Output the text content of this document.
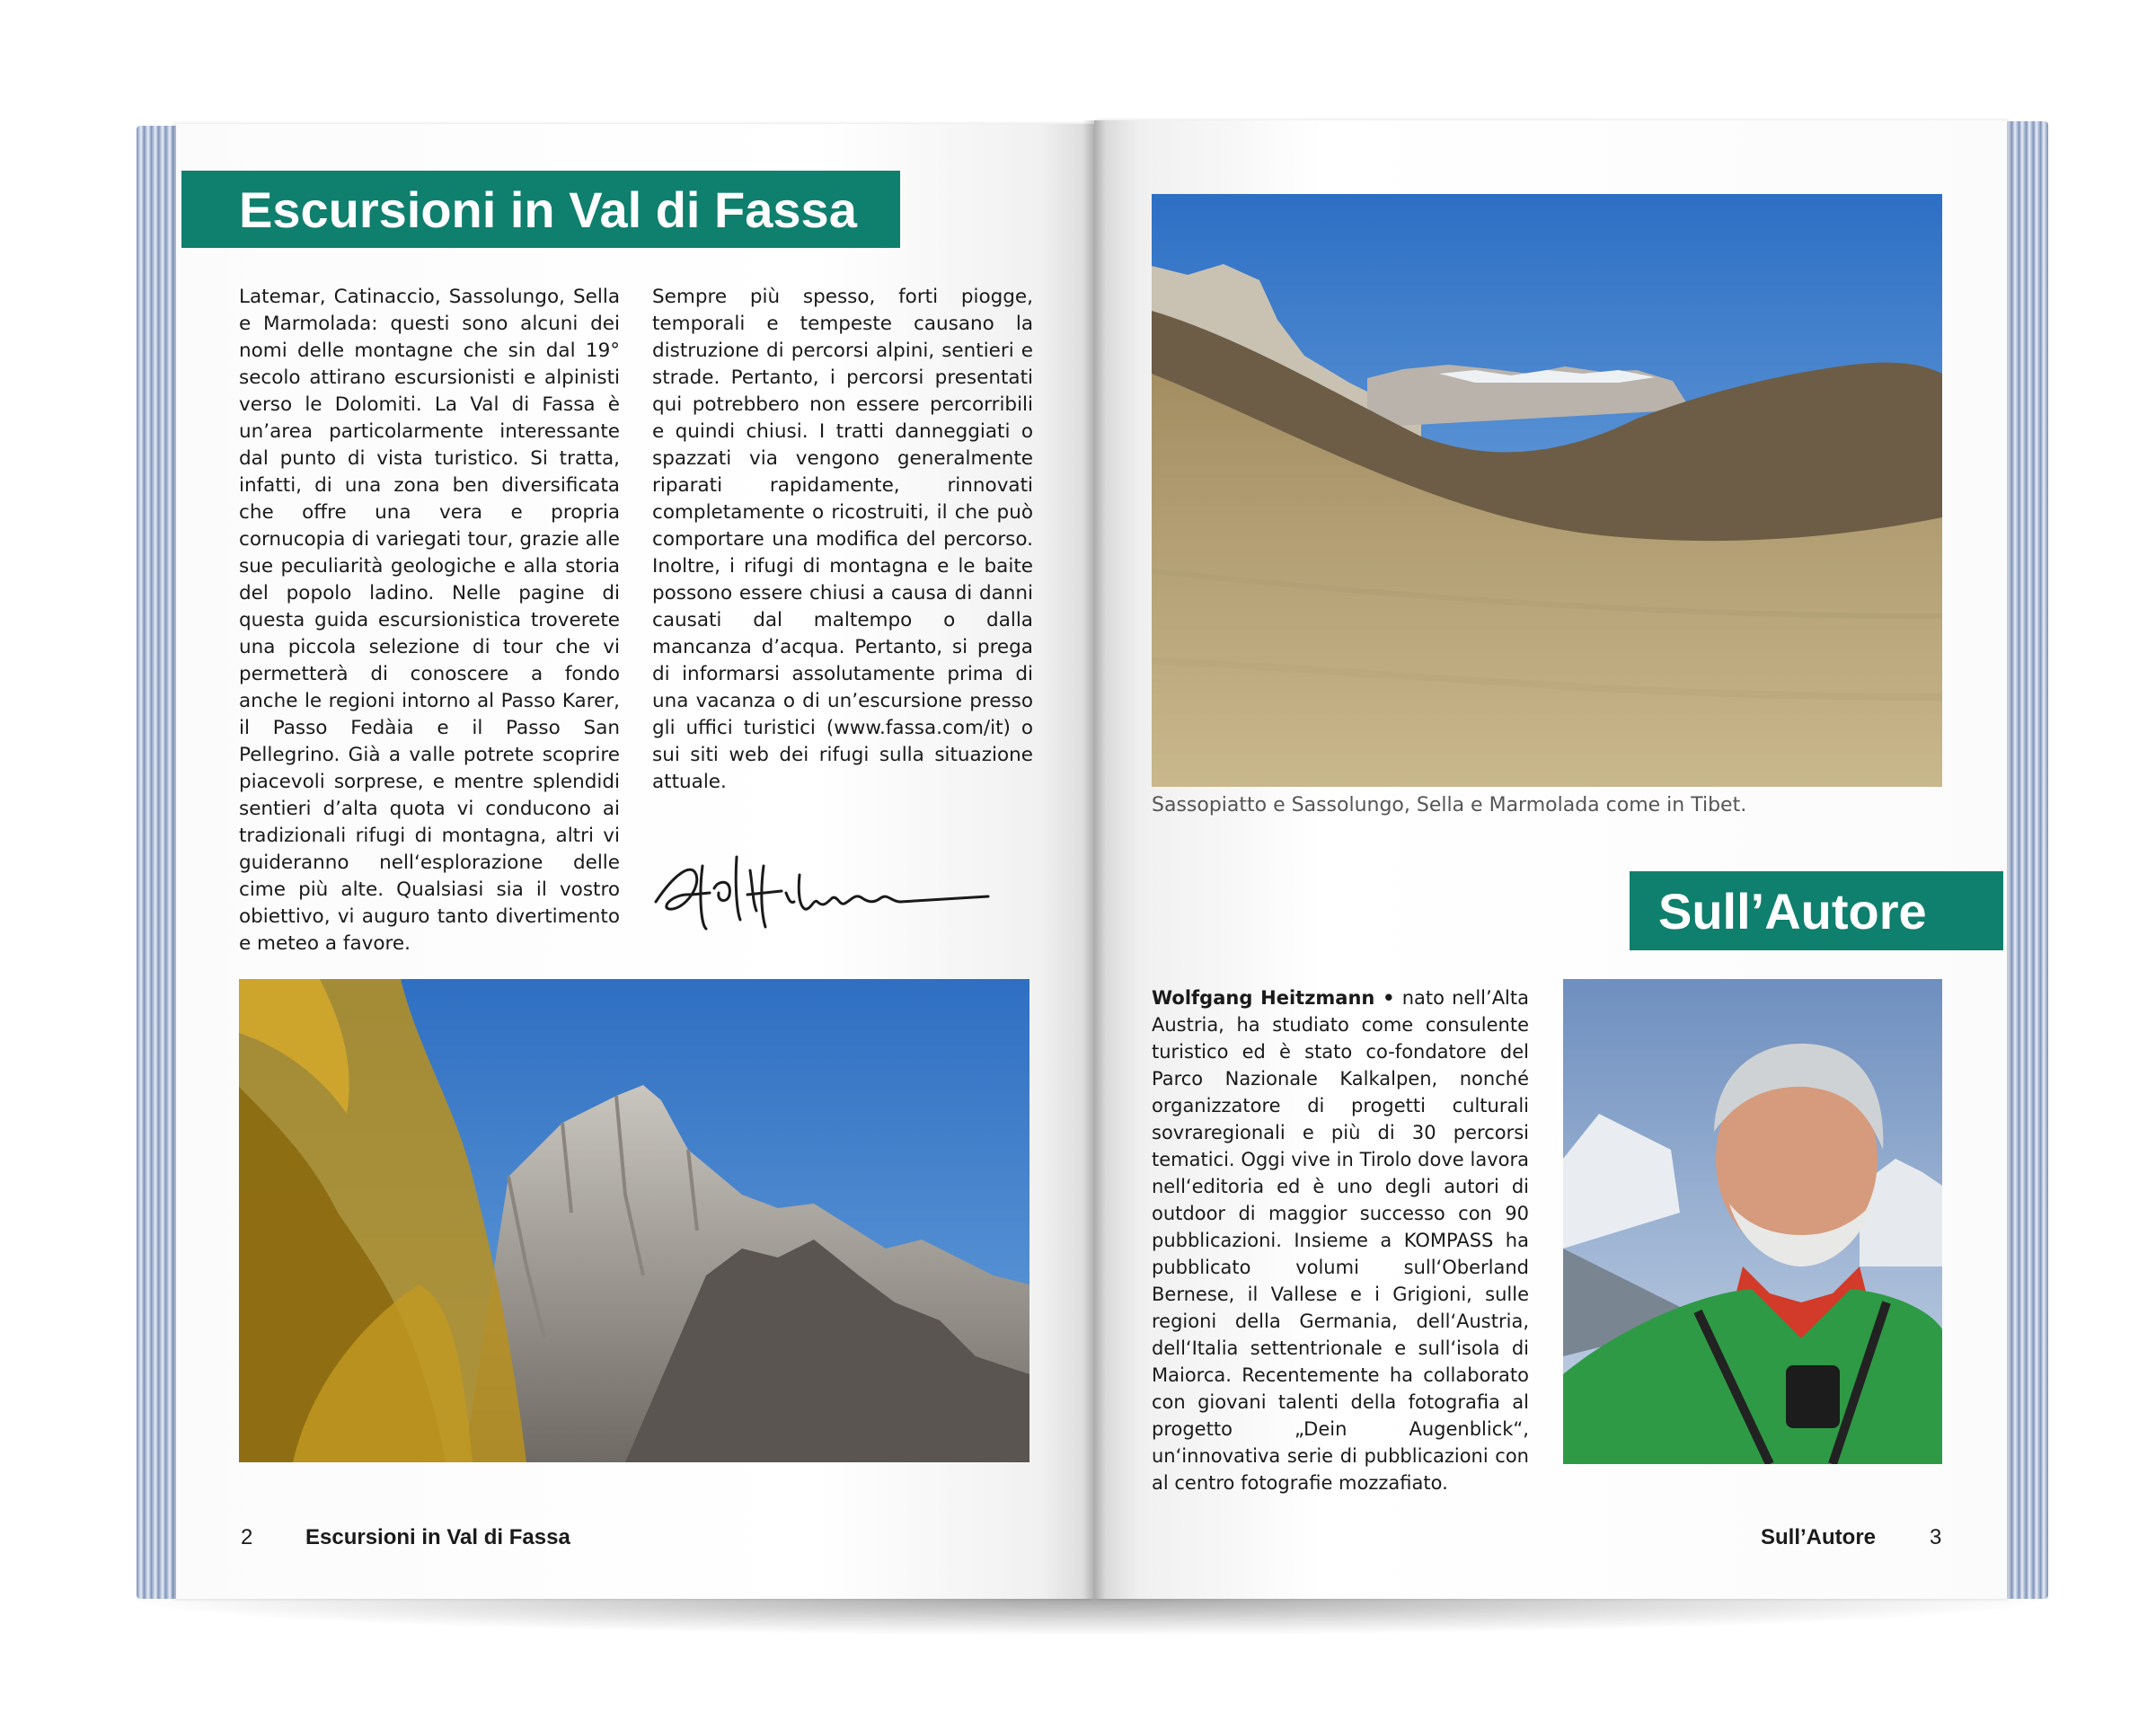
Escursioni in Val di Fassa

Latemar, Catinaccio, Sassolungo, Sella e Marmolada: questi sono alcuni dei nomi delle montagne che sin dal 19° secolo attirano escursionisti e alpinisti verso le Dolomiti. La Val di Fassa è un’area particolarmente interessante dal punto di vista turistico. Si tratta, infatti, di una zona ben diversificata che offre una vera e propria cornucopia di variegati tour, grazie alle sue peculiarità geologiche e alla storia del popolo ladino. Nelle pagine di questa guida escursionistica troverete una piccola selezione di tour che vi permetterà di conoscere a fondo anche le regioni intorno al Passo Karer, il Passo Fedàia e il Passo San Pellegrino. Già a valle potrete scoprire piacevoli sorprese, e mentre splendidi sentieri d’alta quota vi conducono ai tradizionali rifugi di montagna, altri vi guideranno nell‘esplorazione delle cime più alte. Qualsiasi sia il vostro obiettivo, vi auguro tanto divertimento e meteo a favore.

Sempre più spesso, forti piogge, temporali e tempeste causano la distruzione di percorsi alpini, sentieri e strade. Pertanto, i percorsi presentati qui potrebbero non essere percorribili e quindi chiusi. I tratti danneggiati o spazzati via vengono generalmente riparati rapidamente, rinnovati completamente o ricostruiti, il che può comportare una modifica del percorso. Inoltre, i rifugi di montagna e le baite possono essere chiusi a causa di danni causati dal maltempo o dalla mancanza d’acqua. Pertanto, si prega di informarsi assolutamente prima di una vacanza o di un’escursione presso gli uffici turistici (www.fassa.com/it) o sui siti web dei rifugi sulla situazione attuale.

Sassopiatto e Sassolungo, Sella e Marmolada come in Tibet.
Sull’Autore

Wolfgang Heitzmann • nato nell’Alta Austria, ha studiato come consulente turistico ed è stato co-fondatore del Parco Nazionale Kalkalpen, nonché organizzatore di progetti culturali sovraregionali e più di 30 percorsi tematici. Oggi vive in Tirolo dove lavora nell‘editoria ed è uno degli autori di outdoor di maggior successo con 90 pubblicazioni. Insieme a KOMPASS ha pubblicato volumi sull‘Oberland Bernese, il Vallese e i Grigioni, sulle regioni della Germania, dell‘Austria, dell‘Italia settentrionale e sull‘isola di Maiorca. Recentemente ha collaborato con giovani talenti della fotografia al progetto „Dein Augenblick“, un‘innovativa serie di pubblicazioni con al centro fotografie mozzafiato.

2 Escursioni in Val di Fassa	Sull’Autore 3
